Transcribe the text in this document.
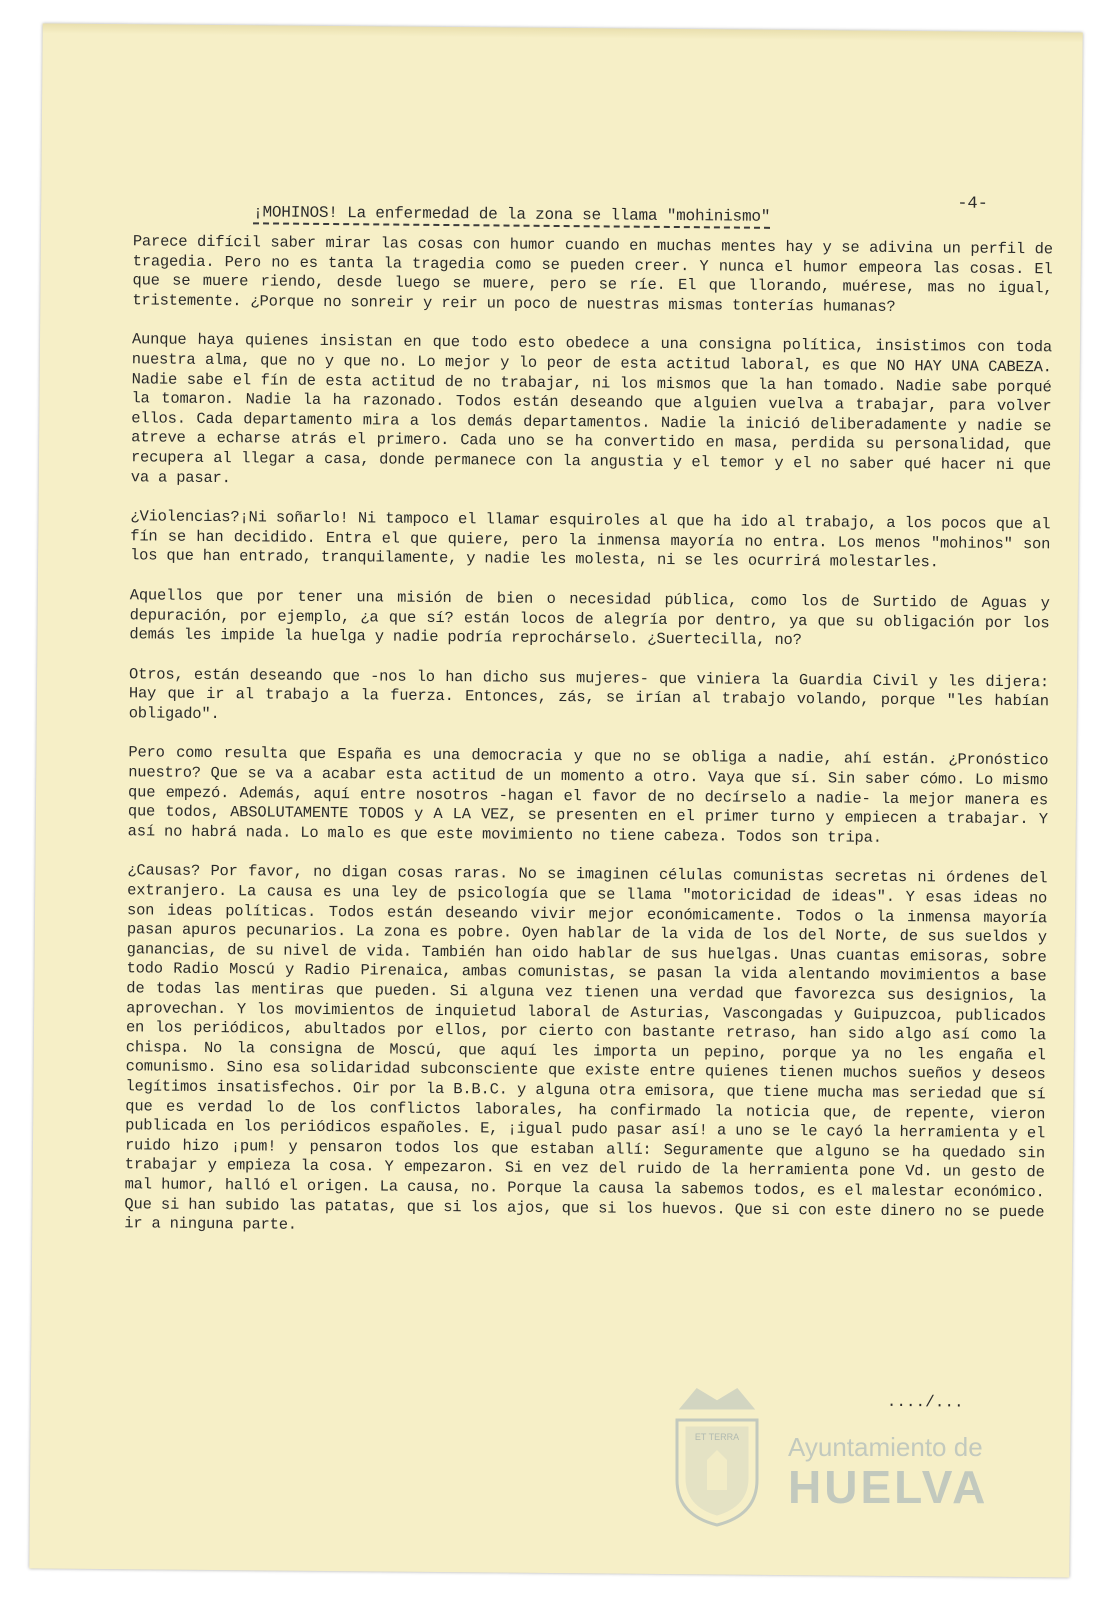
-4-
¡MOHINOS! La enfermedad de la zona se llama "mohinismo"

Parece difícil saber mirar las cosas con humor cuando en muchas mentes hay y se adivina un perfil de tragedia. Pero no es tanta la tragedia como se pueden creer. Y nunca el humor empeora las cosas. El que se muere riendo, desde luego se muere, pero se ríe. El que llorando, muérese, mas no igual, tristemente. ¿Porque no sonreir y reir un poco de nuestras mismas tonterías humanas?

Aunque haya quienes insistan en que todo esto obedece a una consigna política, insistimos con toda nuestra alma, que no y que no. Lo mejor y lo peor de esta actitud laboral, es que NO HAY UNA CABEZA. Nadie sabe el fín de esta actitud de no trabajar, ni los mismos que la han tomado. Nadie sabe porqué la tomaron. Nadie la ha razonado. Todos están deseando que alguien vuelva a trabajar, para volver ellos. Cada departamento mira a los demás departamentos. Nadie la inició deliberadamente y nadie se atreve a echarse atrás el primero. Cada uno se ha convertido en masa, perdida su personalidad, que recupera al llegar a casa, donde permanece con la angustia y el temor y el no saber qué hacer ni que va a pasar.

¿Violencias?¡Ni soñarlo! Ni tampoco el llamar esquiroles al que ha ido al trabajo, a los pocos que al fín se han decidido. Entra el que quiere, pero la inmensa mayoría no entra. Los menos "mohinos" son los que han entrado, tranquilamente, y nadie les molesta, ni se les ocurrirá molestarles.

Aquellos que por tener una misión de bien o necesidad pública, como los de Surtido de Aguas y depuración, por ejemplo, ¿a que sí? están locos de alegría por dentro, ya que su obligación por los demás les impide la huelga y nadie podría reprochárselo. ¿Suertecilla, no?

Otros, están deseando que -nos lo han dicho sus mujeres- que viniera la Guardia Civil y les dijera: Hay que ir al trabajo a la fuerza. Entonces, zás, se irían al trabajo volando, porque "les habían obligado".

Pero como resulta que España es una democracia y que no se obliga a nadie, ahí están. ¿Pronóstico nuestro? Que se va a acabar esta actitud de un momento a otro. Vaya que sí. Sin saber cómo. Lo mismo que empezó. Además, aquí entre nosotros -hagan el favor de no decírselo a nadie- la mejor manera es que todos, ABSOLUTAMENTE TODOS y A LA VEZ, se presenten en el primer turno y empiecen a trabajar. Y así no habrá nada. Lo malo es que este movimiento no tiene cabeza. Todos son tripa.

¿Causas? Por favor, no digan cosas raras. No se imaginen células comunistas secretas ni órdenes del extranjero. La causa es una ley de psicología que se llama "motoricidad de ideas". Y esas ideas no son ideas políticas. Todos están deseando vivir mejor económicamente. Todos o la inmensa mayoría pasan apuros pecunarios. La zona es pobre. Oyen hablar de la vida de los del Norte, de sus sueldos y ganancias, de su nivel de vida. También han oido hablar de sus huelgas. Unas cuantas emisoras, sobre todo Radio Moscú y Radio Pirenaica, ambas comunistas, se pasan la vida alentando movimientos a base de todas las mentiras que pueden. Si alguna vez tienen una verdad que favorezca sus designios, la aprovechan. Y los movimientos de inquietud laboral de Asturias, Vascongadas y Guipuzcoa, publicados en los periódicos, abultados por ellos, por cierto con bastante retraso, han sido algo así como la chispa. No la consigna de Moscú, que aquí les importa un pepino, porque ya no les engaña el comunismo. Sino esa solidaridad subconsciente que existe entre quienes tienen muchos sueños y deseos legítimos insatisfechos. Oir por la B.B.C. y alguna otra emisora, que tiene mucha mas seriedad que sí que es verdad lo de los conflictos laborales, ha confirmado la noticia que, de repente, vieron publicada en los periódicos españoles. E, ¡igual pudo pasar así! a uno se le cayó la herramienta y el ruido hizo ¡pum! y pensaron todos los que estaban allí: Seguramente que alguno se ha quedado sin trabajar y empieza la cosa. Y empezaron. Si en vez del ruido de la herramienta pone Vd. un gesto de mal humor, halló el origen. La causa, no. Porque la causa la sabemos todos, es el malestar económico. Que si han subido las patatas, que si los ajos, que si los huevos. Que si con este dinero no se puede ir a ninguna parte.

..../...
ET TERRA Ayuntamiento de
HUELVA
